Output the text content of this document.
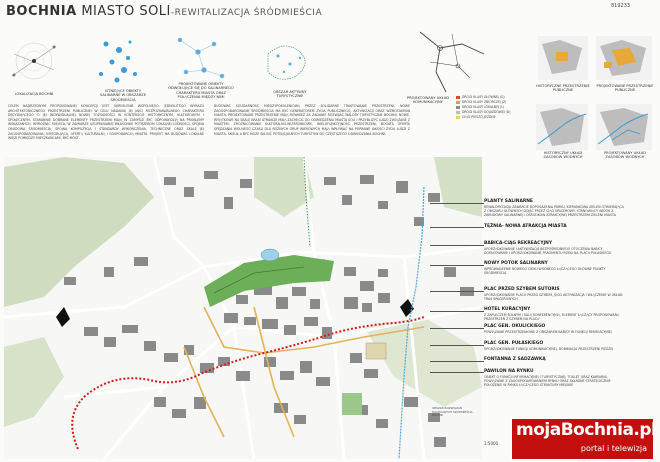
BOCHNIA MIASTO SOLI-REWITALIZACJA ŚRÓDMIEŚCIA
819233
LOKALIZACJA BOCHNI
ISTNIEJĄCE OBIEKTY SALINARNE W OBSZARZE ŚRÓDMIEŚCIA
PROJEKTOWANE OBIEKTY ODWOŁUJĄCE SIĘ DO SALINARNEGO CHARAKTERU MIASTA ORAZ POŁĄCZENIA MIĘDZY NIMI
OBSZAR AKTYWNY TURYSTYCZNIE	PROJEKTOWANY UKŁAD KOMUNIKACYJNY
HISTORYCZNE PRZESTRZENIE PUBLICZNE
PROJEKTOWANE PRZESTRZENIE PUBLICZNE
DROGI KLASY GŁÓWNEJ (G)
DROGI KLASY ZBIORCZEJ (Z)
DROGI KLASY LOKALNEJ (L)
DROGI KLASY DOJAZDOWEJ (D)
CIĄGI PIESZO-JEZDNE
HISTORYCZNY UKŁAD ZASOBÓW WODNYCH
PROJEKTOWANY UKŁAD ZASOBÓW WODNYCH
CELEM NADRZĘDNYM PROPONOWANEJ KONCEPCJI JEST OKREŚLENIE WSPÓLNEGO, JEDNOLITEGO WYRAZU ARCHITEKTONICZNEGO PRZESTRZENI PUBLICZNEJ W CELU NADANIA JEJ JAKO ROZPOZNAWALNEGO CHARAKTERU DECYDUJĄCEGO O JEJ INDYWIDUALNEJ NOWEJ TOŻSAMOŚCI W KONTEKŚCIE HISTORYCZNYM, KULTUROWYM I SPOŁECZNYM. STARANNIE DOBRANE ELEMENTY PRZESTRZENI MAJĄ W ZAMYŚLE BYĆ ODPOWIEDZIĄ NA PROBLEMY WSKAZANYCH, WYRÓŻNIĆ MIEJSCA, W ZAMIARZE UZUPEŁNIANEJ WŁAŚCIWIE POTRZEBOM LOKALNEJ LUDNOŚCI. SPÓJNA OBUDOWA ŚRÓDMIEŚCIA, SPÓJNA KOMPOZYCJA I STANDARDY WYKOŃCZENIA, TECHNICZNE ORAZ SKALĘ JEJ ZAGOSPODAROWANIA, INTEGRUJĄCA, OFERTĄ KULTURALNĄ I GOSPODARCZĄ MIASTA. PROJEKT MA BUDOWAĆ LOKALNE WIĘZI POMIĘDZY MIESZKAŃCAMI, BYĆ MOST
BUDOWAĆ SOLIDARNOŚĆ MIĘDZYPOKOLENIOWĄ PRZEZ SOLIDARNE TRAKTOWANIE PRZESTRZENI, NOWE ZAGOSPODAROWANIE ŚRÓDMIEŚCIA MA BYĆ GENERATOREM ŻYCIA PUBLICZNEGO, AKTYWIZACJI ORAZ WZMOCNIENIA MIASTA. PROJEKTOWANE PRZESTRZENIE MAJĄ RÓWNIEŻ ZA ZADANIE ROZWIJAĆ WALORY TURYSTYCZNE BOCHNI. NOWE, WYJĄTKOWE NA SKALĘ KRAJU ATRAKCJE MAJĄ ZACHĘCIĆ DO ODWIEDZENIA MIASTA SOLI I PRZYBLIŻYĆ LUDZI ZWIĄZANE Z MIASTEM. ZRÓŻNICOWANIE KULTURALNO-WIZERUNKOWE, WIELOFUNKCYJNOŚĆ PRZESTRZENI, BOGATA OFERTA SPĘDZANIA WOLNEGO CZASU DLA RÓŻNYCH GRUP WIEKOWYCH MAJĄ WPŁYWAĆ NA POPRAWĘ JAKOŚCI ŻYCIA LUDZI Z MIASTA. SKOLIŁ A BYĆ MOŻE SKUSIĆ POTENCJALNYCH TURYSTÓW DO CZĘSTSZEGO ODWIEDZANIA BOCHNI.
PLANTY SALINARNE
REWALORYZACJA ZAWARCIE DOPOSAŻENIA PARKU, KIERUNKOWA ZIELEŃ OTWIERAJĄCA Z OBSZARU GŁÓWNYCH DOJŚĆ PRZEZ CIĄG SPACEROWY, STANOWIĄCY WIDOK Z ZABUDOWY SALINARNEJ I OŚRODKÓW ATRAKCYJNEJ PRZESTRZENI ZIELENI MIASTA
TĘŻNIA- NOWA ATRAKCJA MIASTA
BABICA-CIĄG REKREACYJNY
UPORZĄDKOWANIE I AKTYWIZACJA BEZPOŚREDNIEGO OTOCZENIA BABICY, DOPASOWANIE I UPORZĄDKOWANIE FRAGMENTU RZEKI NA PLACU PUŁASKIEGO
NOWY POTOK SALINARNY
WPROWADZENIE NOWEGO CIEKU WODNEGO ŁĄCZĄCEGO GŁÓWNE PUNKTY ŚRÓDMIEŚCIA
PLAC PRZED SZYBEM SUTORIS
UPORZĄDKOWANIE PLACU PRZED SZYBEM, JEGO AKTYWIZACJA I WŁĄCZENIE W UKŁAD TRAS SPACEROWYCH
HOTEL KURACYJNY
Z ZAPLECZEM SOLNYM I SALĄ KONFERENCYJNĄ, ELEMENT ŁĄCZĄCY PROPONOWANĄ PRZESTRZEŃ Z SZYBEM NA PLACU
PLAC GEN. OKULICKIEGO
POWIĄZANIE PRZESTRZENIOWE Z OBSZAREM BABICY W FUNKCJI REKREACYJNEJ
PLAC GEN. PUŁASKIEGO
UPORZĄDKOWANIE FUNKCJI KOMUNIKACYJNEJ, DOMINACJA PRZESTRZENI PIESZEJ
FONTANNA Z SADZAWKĄ
PAWILON NA RYNKU
OBIEKT O FUNKCJI INFORMACYJNEJ I TURYSTYCZNEJ, TOALET ORAZ KAWIARNI. POWIĄZANIE Z ZAGOSPODAROWANIEM RYNKU ORAZ SKŁADNE STRATEGICZNIE POŁOŻENIE W RYNKU ŁĄCZĄCEGO STRUKTURY MIEJSKIE
OBSZAR ROZWIĄZAŃ DOCELOWYCH ŚRÓDMIEŚCIA BOCHNI
1:5000
mojaBochnia.pl
portal i telewizja
